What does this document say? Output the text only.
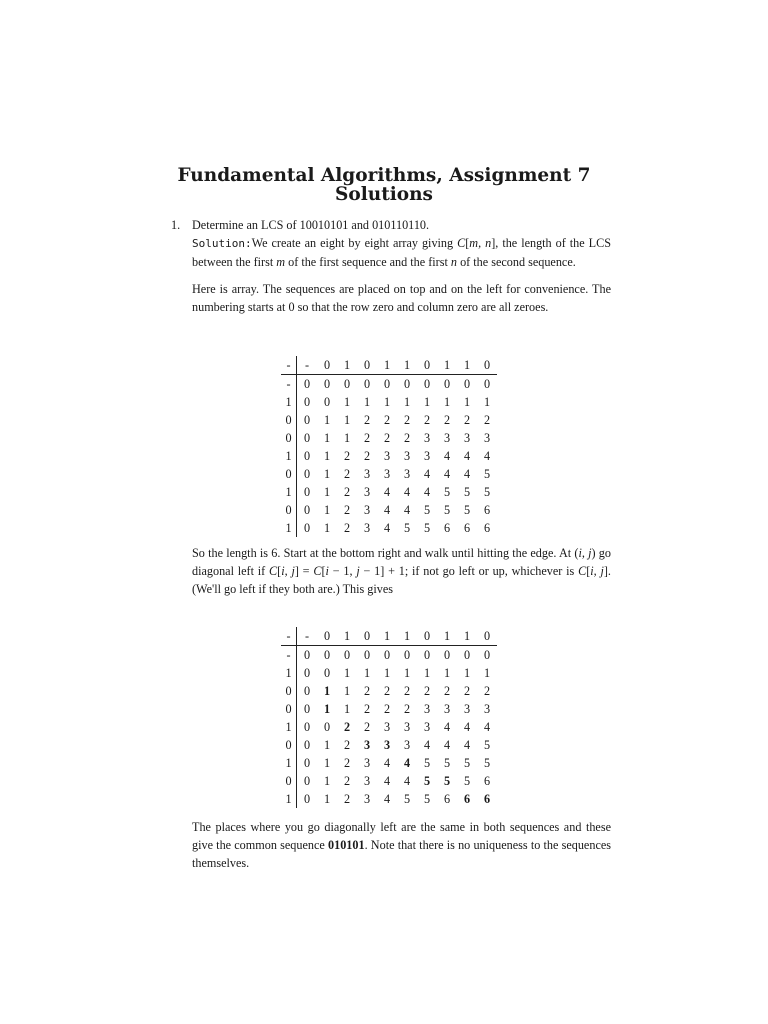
Fundamental Algorithms, Assignment 7
Solutions
1. Determine an LCS of 10010101 and 010110110.

Solution:We create an eight by eight array giving C[m, n], the length of the LCS between the first m of the first sequence and the first n of the second sequence.

Here is array. The sequences are placed on top and on the left for convenience. The numbering starts at 0 so that the row zero and column zero are all zeroes.

-	-	0	1	0	1	1	0	1	1	0
-	0	0	0	0	0	0	0	0	0	0
1	0	0	1	1	1	1	1	1	1	1
0	0	1	1	2	2	2	2	2	2	2
0	0	1	1	2	2	2	3	3	3	3
1	0	1	2	2	3	3	3	4	4	4
0	0	1	2	3	3	3	4	4	4	5
1	0	1	2	3	4	4	4	5	5	5
0	0	1	2	3	4	4	5	5	5	6
1	0	1	2	3	4	5	5	6	6	6

So the length is 6. Start at the bottom right and walk until hitting the edge. At (i, j) go diagonal left if C[i, j] = C[i − 1, j − 1] + 1; if not go left or up, whichever is C[i, j]. (We'll go left if they both are.) This gives

-	-	0	1	0	1	1	0	1	1	0
-	0	0	0	0	0	0	0	0	0	0
1	0	0	1	1	1	1	1	1	1	1
0	0	1	1	2	2	2	2	2	2	2
0	0	1	1	2	2	2	3	3	3	3
1	0	0	2	2	3	3	3	4	4	4
0	0	1	2	3	3	3	4	4	4	5
1	0	1	2	3	4	4	5	5	5	5
0	0	1	2	3	4	4	5	5	5	6
1	0	1	2	3	4	5	5	6	6	6

The places where you go diagonally left are the same in both sequences and these give the common sequence 010101. Note that there is no uniqueness to the sequences themselves.
